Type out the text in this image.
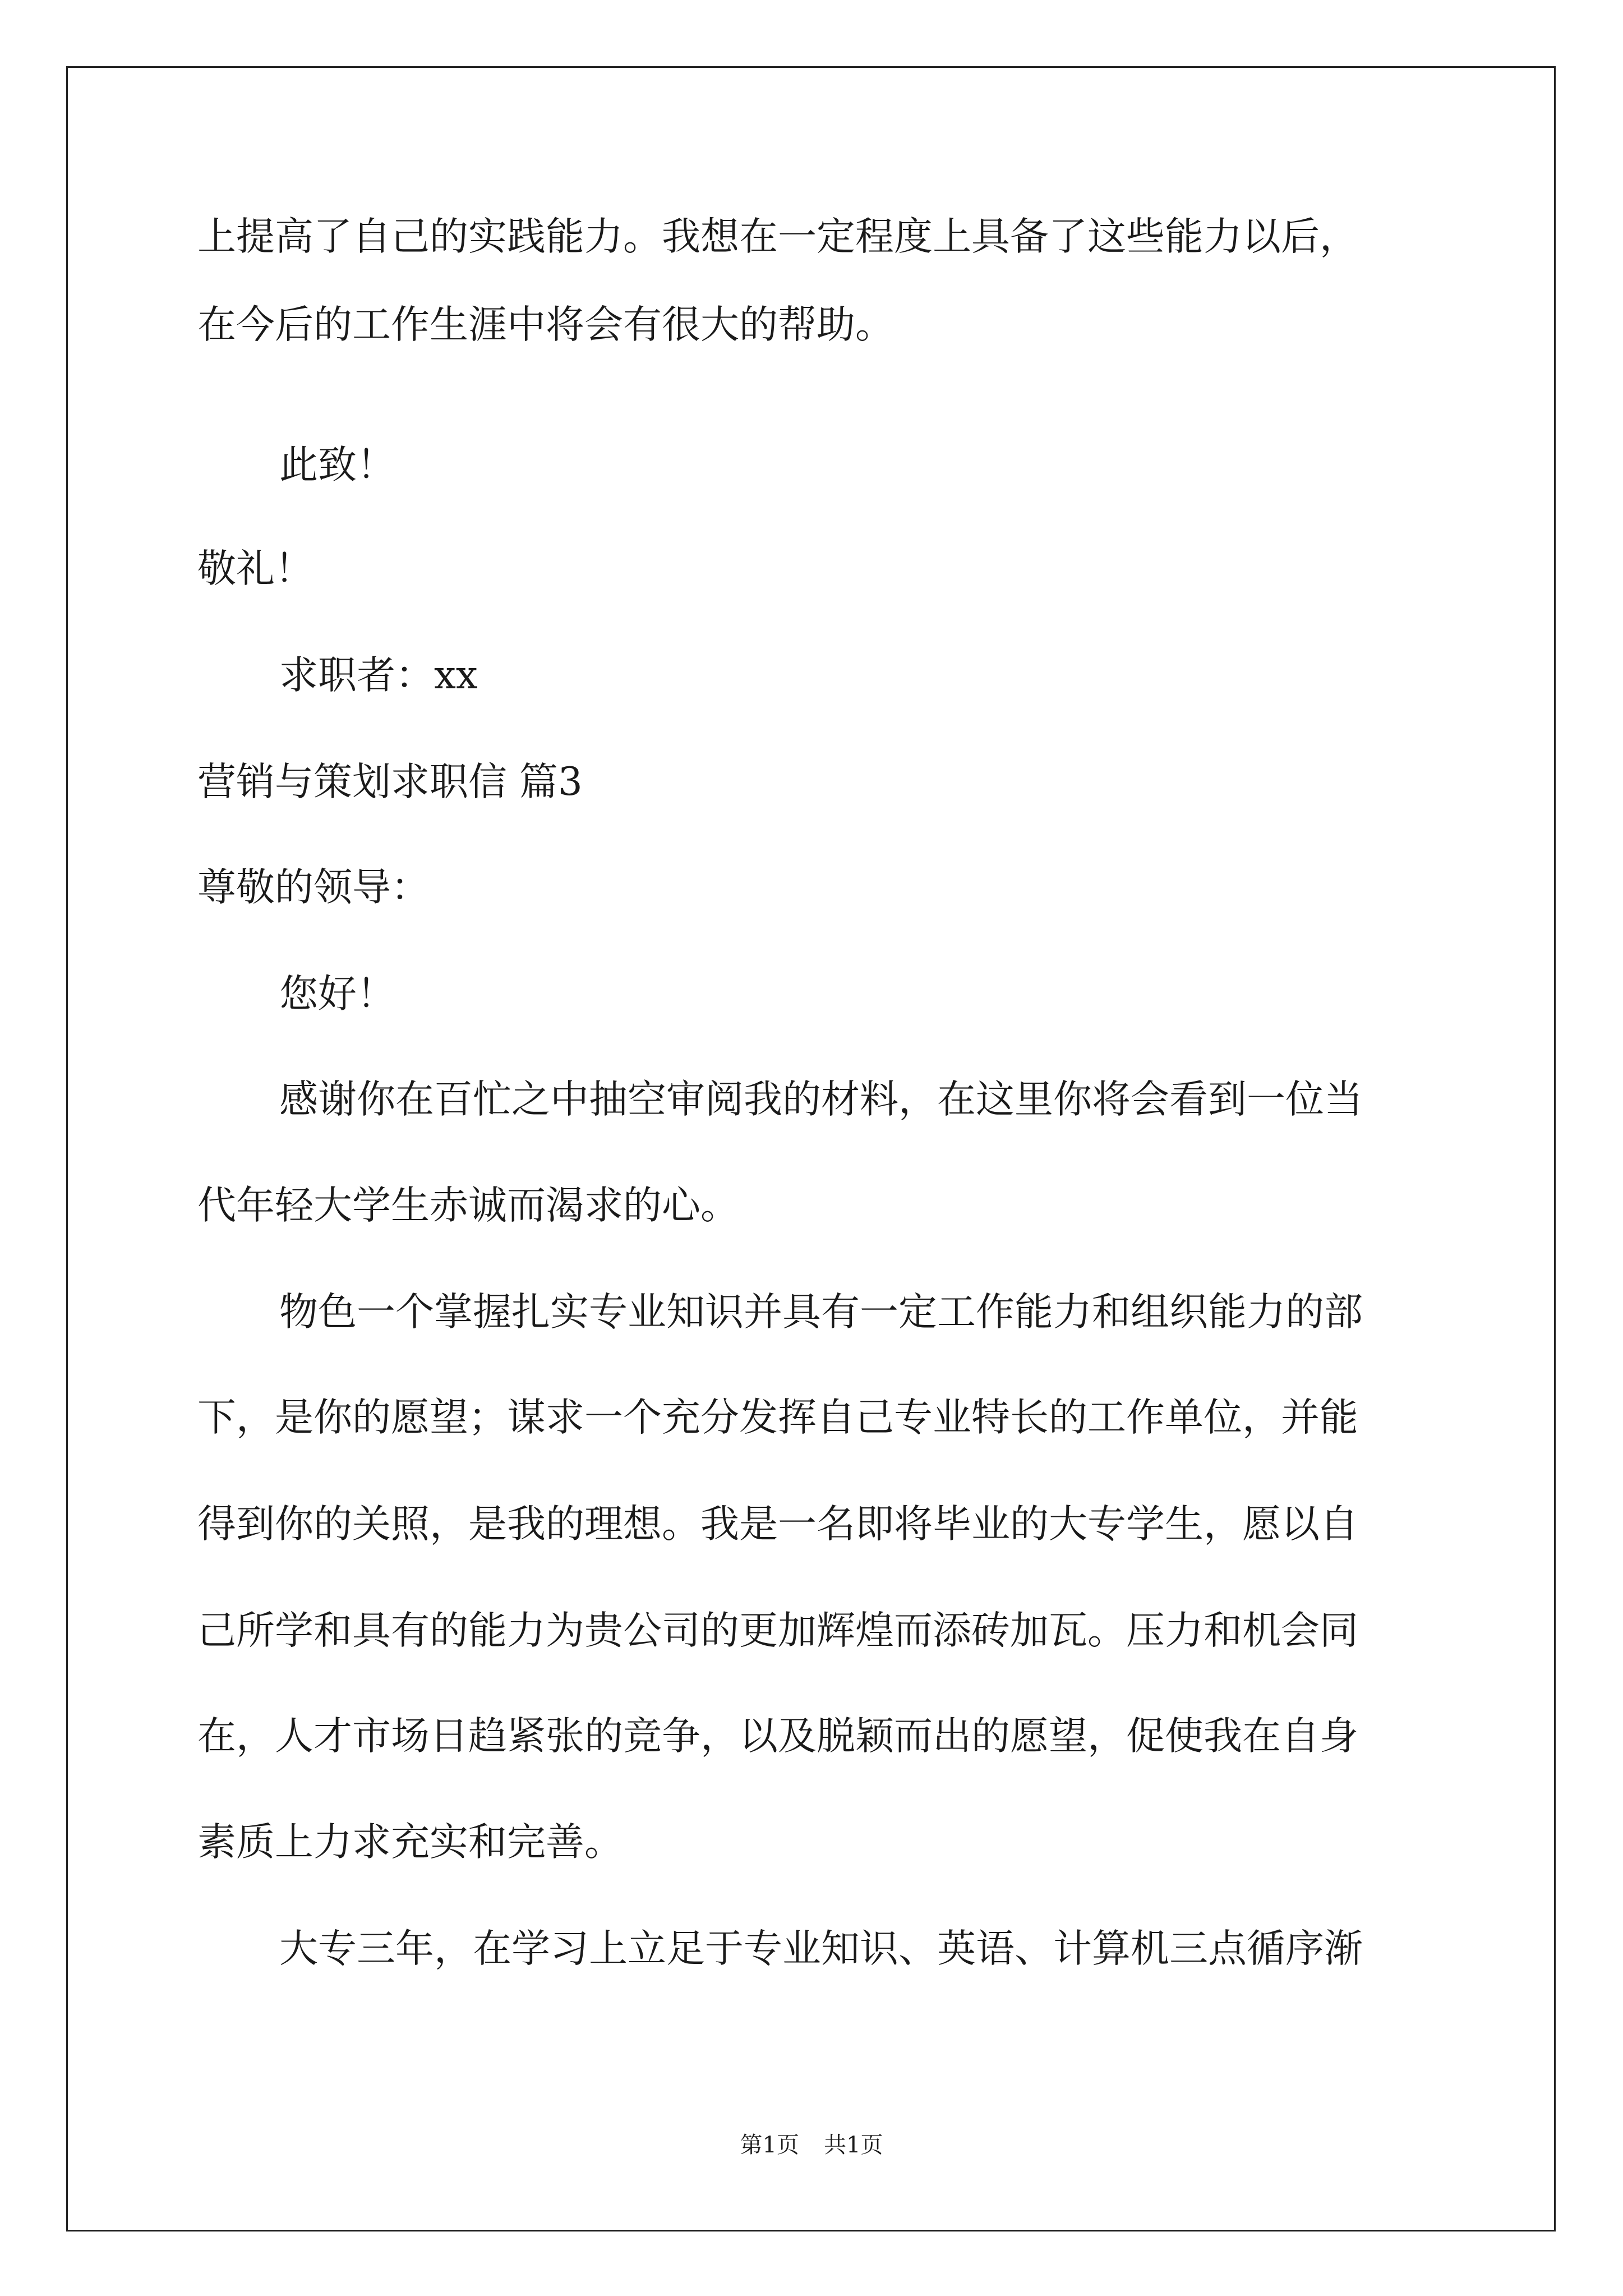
上提高了自己的实践能力。我想在一定程度上具备了这些能力以后，
在今后的工作生涯中将会有很大的帮助。
此致！
敬礼！
求职者：xx
营销与策划求职信 篇3
尊敬的领导：
您好！
感谢你在百忙之中抽空审阅我的材料，在这里你将会看到一位当
代年轻大学生赤诚而渴求的心。
物色一个掌握扎实专业知识并具有一定工作能力和组织能力的部
下，是你的愿望；谋求一个充分发挥自己专业特长的工作单位，并能
得到你的关照，是我的理想。我是一名即将毕业的大专学生，愿以自
己所学和具有的能力为贵公司的更加辉煌而添砖加瓦。压力和机会同
在，人才市场日趋紧张的竞争，以及脱颖而出的愿望，促使我在自身
素质上力求充实和完善。
大专三年，在学习上立足于专业知识、英语、计算机三点循序渐
第1页 共1页
